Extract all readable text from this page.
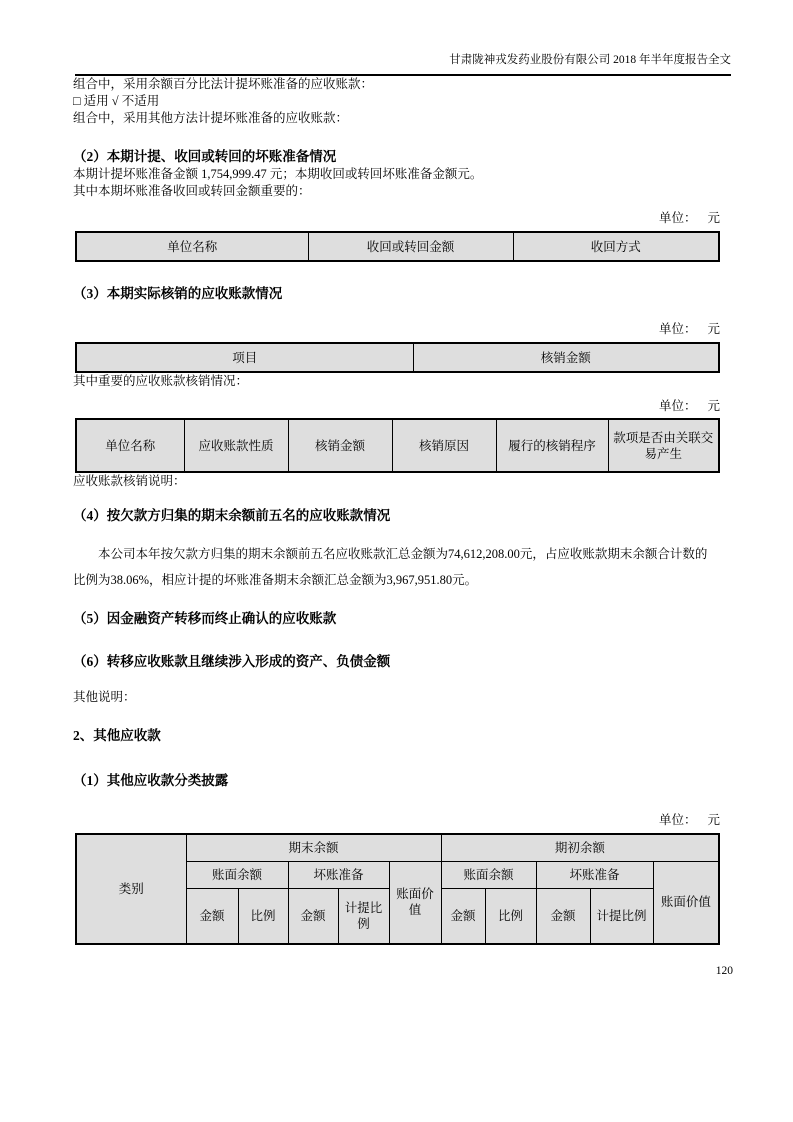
甘肃陇神戎发药业股份有限公司 2018 年半年度报告全文

组合中，采用余额百分比法计提坏账准备的应收账款：

□ 适用 √ 不适用

组合中，采用其他方法计提坏账准备的应收账款：

（2）本期计提、收回或转回的坏账准备情况

本期计提坏账准备金额 1,754,999.47 元；本期收回或转回坏账准备金额元。

其中本期坏账准备收回或转回金额重要的：

单位： 元
单位名称	收回或转回金额	收回方式
（3）本期实际核销的应收账款情况
单位： 元
项目	核销金额

其中重要的应收账款核销情况：

单位： 元
单位名称	应收账款性质	核销金额	核销原因	履行的核销程序	款项是否由关联交易产生

应收账款核销说明：

（4）按欠款方归集的期末余额前五名的应收账款情况

本公司本年按欠款方归集的期末余额前五名应收账款汇总金额为74,612,208.00元，占应收账款期末余额合计数的比例为38.06%，相应计提的坏账准备期末余额汇总金额为3,967,951.80元。

（5）因金融资产转移而终止确认的应收账款
（6）转移应收账款且继续涉入形成的资产、负债金额

其他说明：

2、其他应收款
（1）其他应收款分类披露
单位： 元
类别	期末余额					期初余额				
	账面余额		坏账准备		账面价值	账面余额		坏账准备		账面价值
	金额	比例	金额	计提比例		金额	比例	金额	计提比例	
120
